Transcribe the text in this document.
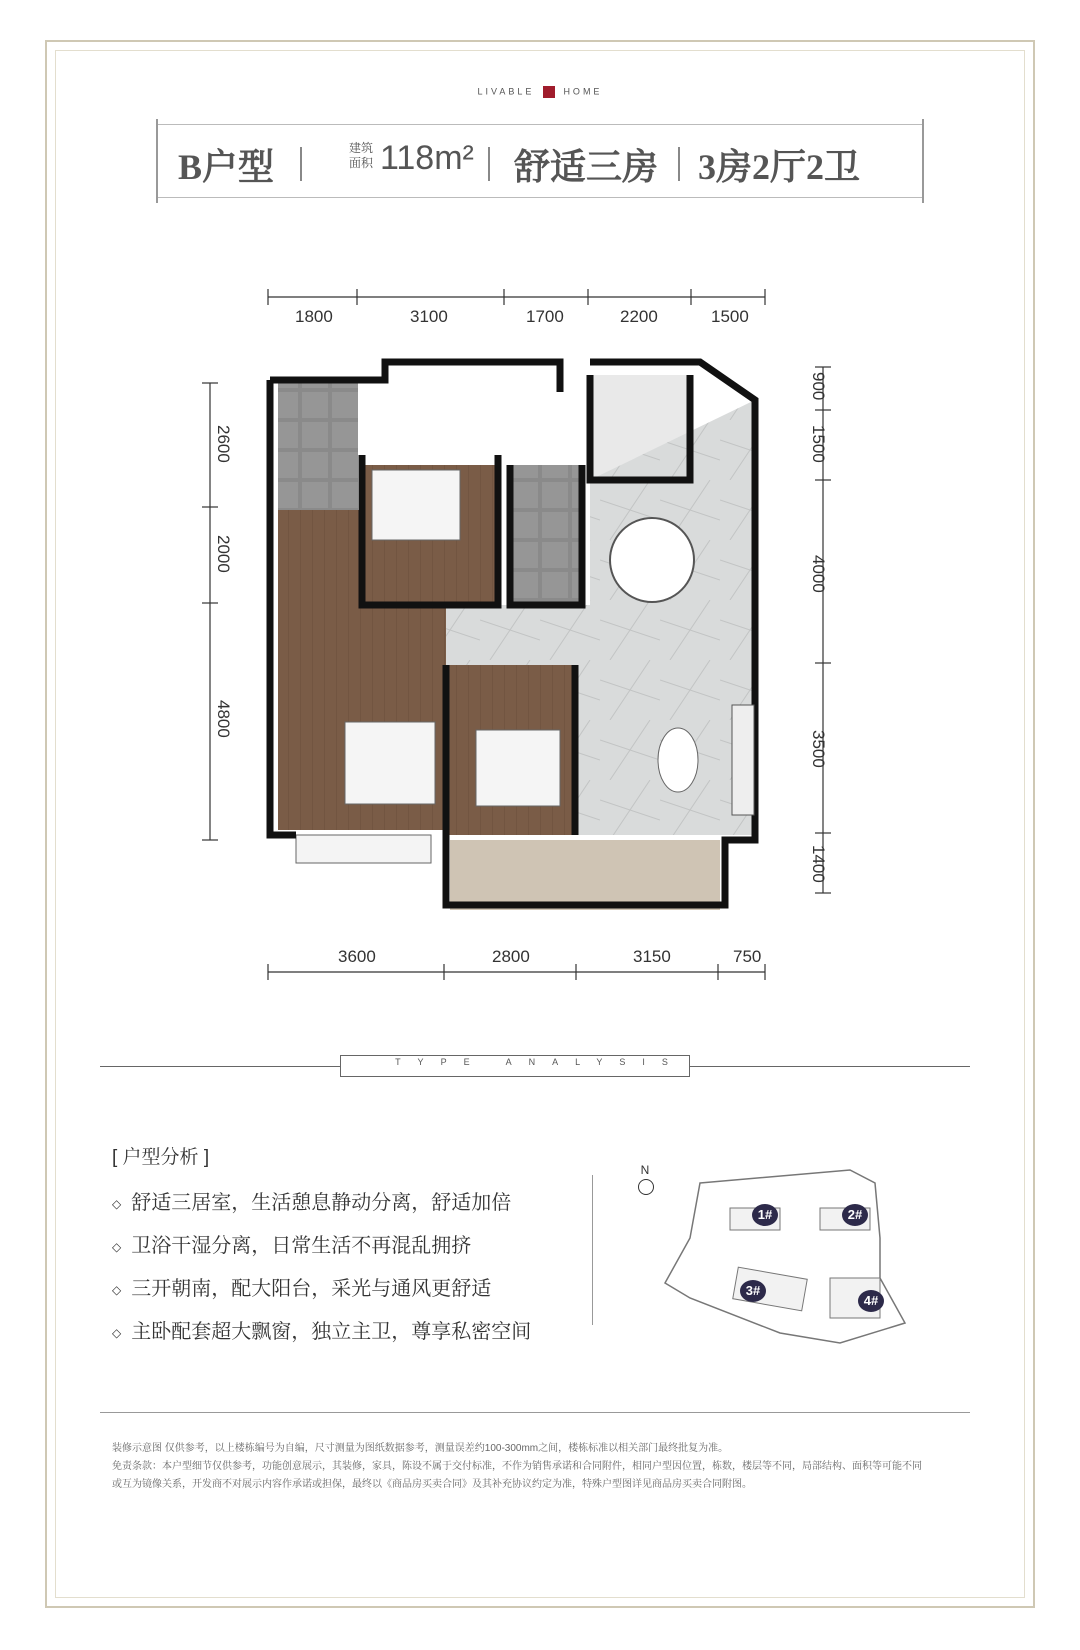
LIVABLE	HOME
B户型	建筑
面积 118m² 舒适三房 3房2厅2卫
1800	3100	1700	2200	1500
3600	2800	3150	750
2600
2000
4800
900
1500
4000
3500
1400
TYPE ANALYSIS
[ 户型分析 ]
◇ 舒适三居室，生活憩息静动分离，舒适加倍
◇ 卫浴干湿分离，日常生活不再混乱拥挤
◇ 三开朝南，配大阳台，采光与通风更舒适
◇ 主卧配套超大飘窗，独立主卫，尊享私密空间
N
1#	2#
3#
4#
装修示意图 仅供参考，以上楼栋编号为自编，尺寸测量为图纸数据参考，测量误差约100-300mm之间，楼栋标准以相关部门最终批复为准。
免责条款：本户型细节仅供参考，功能创意展示，其装修，家具，陈设不属于交付标准，不作为销售承诺和合同附件，相同户型因位置，栋数，楼层等不同，局部结构、面积等可能不同
或互为镜像关系，开发商不对展示内容作承诺或担保，最终以《商品房买卖合同》及其补充协议约定为准，特殊户型图详见商品房买卖合同附图。
